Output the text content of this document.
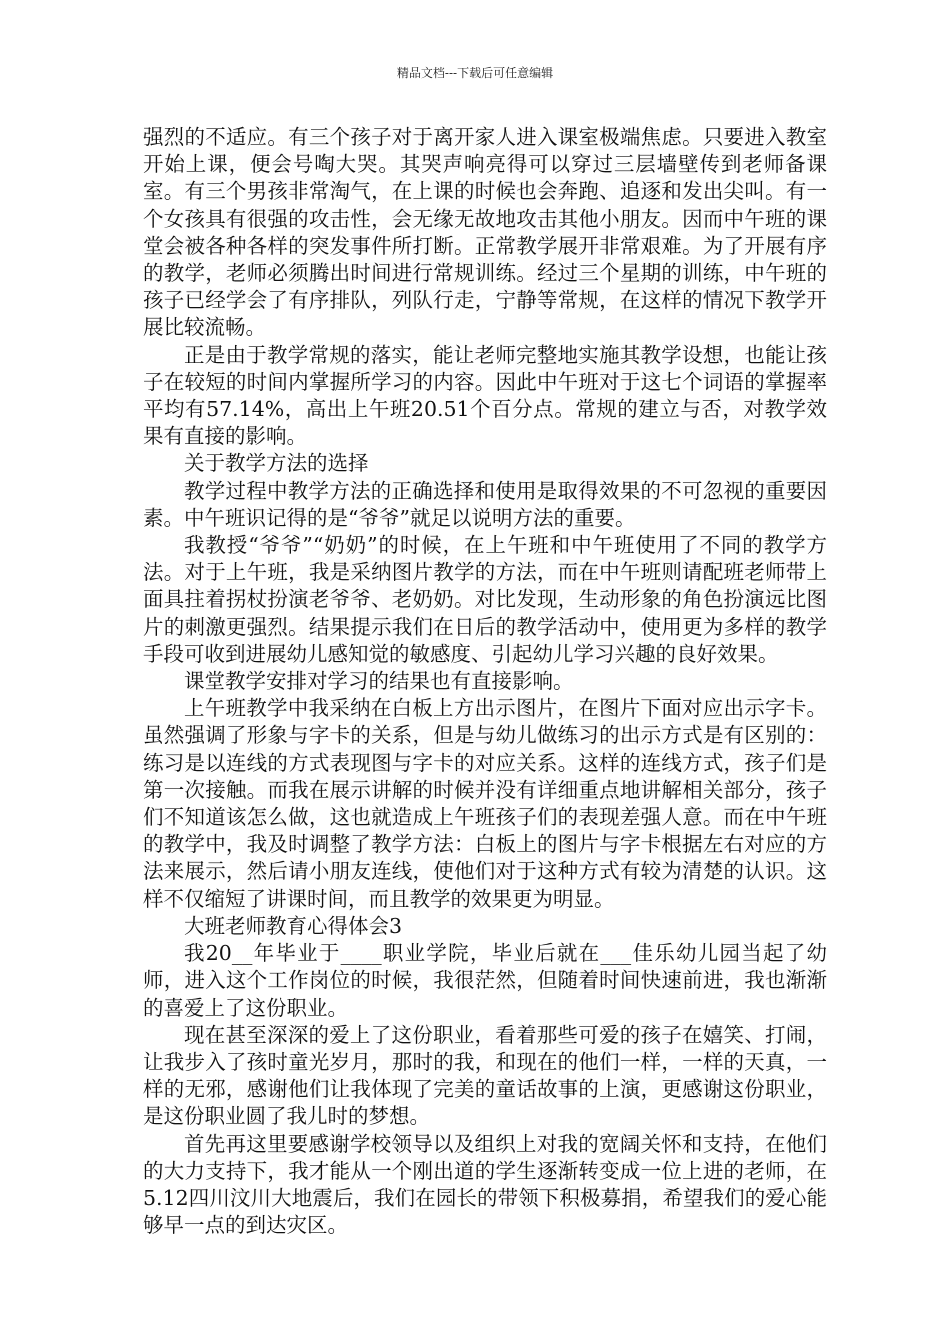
精品文档---下载后可任意编辑

强烈的不适应。有三个孩子对于离开家人进入课室极端焦虑。只要进入教室开始上课，便会号啕大哭。其哭声响亮得可以穿过三层墙壁传到老师备课室。有三个男孩非常淘气，在上课的时候也会奔跑、追逐和发出尖叫。有一个女孩具有很强的攻击性，会无缘无故地攻击其他小朋友。因而中午班的课堂会被各种各样的突发事件所打断。正常教学展开非常艰难。为了开展有序的教学，老师必须腾出时间进行常规训练。经过三个星期的训练，中午班的孩子已经学会了有序排队，列队行走，宁静等常规，在这样的情况下教学开展比较流畅。

正是由于教学常规的落实，能让老师完整地实施其教学设想，也能让孩子在较短的时间内掌握所学习的内容。因此中午班对于这七个词语的掌握率平均有57.14%，高出上午班20.51个百分点。常规的建立与否，对教学效果有直接的影响。

关于教学方法的选择

教学过程中教学方法的正确选择和使用是取得效果的不可忽视的重要因素。中午班识记得的是“爷爷”就足以说明方法的重要。

我教授“爷爷”“奶奶”的时候，在上午班和中午班使用了不同的教学方法。对于上午班，我是采纳图片教学的方法，而在中午班则请配班老师带上面具拄着拐杖扮演老爷爷、老奶奶。对比发现，生动形象的角色扮演远比图片的刺激更强烈。结果提示我们在日后的教学活动中，使用更为多样的教学手段可收到进展幼儿感知觉的敏感度、引起幼儿学习兴趣的良好效果。

课堂教学安排对学习的结果也有直接影响。

上午班教学中我采纳在白板上方出示图片，在图片下面对应出示字卡。虽然强调了形象与字卡的关系，但是与幼儿做练习的出示方式是有区别的：练习是以连线的方式表现图与字卡的对应关系。这样的连线方式，孩子们是第一次接触。而我在展示讲解的时候并没有详细重点地讲解相关部分，孩子们不知道该怎么做，这也就造成上午班孩子们的表现差强人意。而在中午班的教学中，我及时调整了教学方法：白板上的图片与字卡根据左右对应的方法来展示，然后请小朋友连线，使他们对于这种方式有较为清楚的认识。这样不仅缩短了讲课时间，而且教学的效果更为明显。

大班老师教育心得体会3

我20__年毕业于____职业学院，毕业后就在___佳乐幼儿园当起了幼师，进入这个工作岗位的时候，我很茫然，但随着时间快速前进，我也渐渐的喜爱上了这份职业。

现在甚至深深的爱上了这份职业，看着那些可爱的孩子在嬉笑、打闹，让我步入了孩时童光岁月，那时的我，和现在的他们一样，一样的天真，一样的无邪，感谢他们让我体现了完美的童话故事的上演，更感谢这份职业，是这份职业圆了我儿时的梦想。

首先再这里要感谢学校领导以及组织上对我的宽阔关怀和支持，在他们的大力支持下，我才能从一个刚出道的学生逐渐转变成一位上进的老师，在5.12四川汶川大地震后，我们在园长的带领下积极募捐，希望我们的爱心能够早一点的到达灾区。
